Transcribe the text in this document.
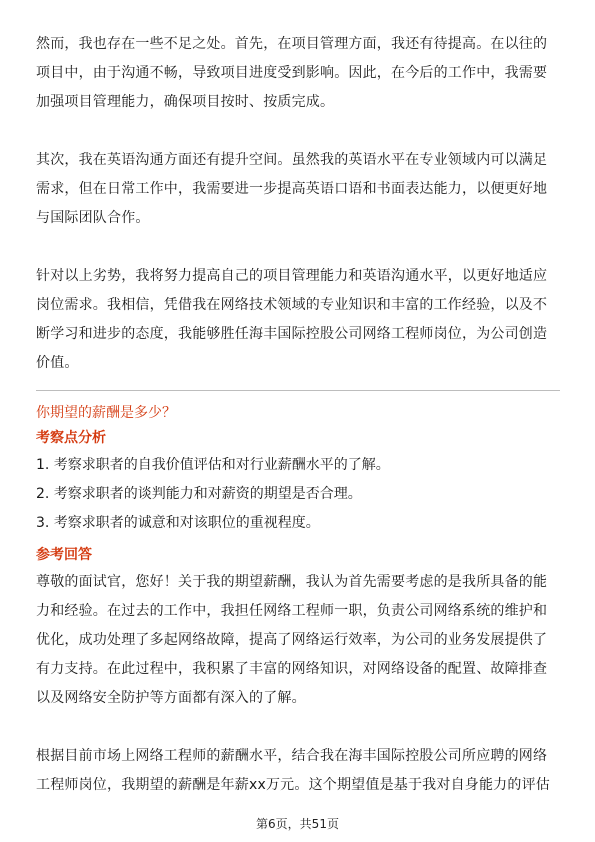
然而，我也存在一些不足之处。首先，在项目管理方面，我还有待提高。在以往的项目中，由于沟通不畅，导致项目进度受到影响。因此，在今后的工作中，我需要加强项目管理能力，确保项目按时、按质完成。

其次，我在英语沟通方面还有提升空间。虽然我的英语水平在专业领域内可以满足需求，但在日常工作中，我需要进一步提高英语口语和书面表达能力，以便更好地与国际团队合作。

针对以上劣势，我将努力提高自己的项目管理能力和英语沟通水平，以更好地适应岗位需求。我相信，凭借我在网络技术领域的专业知识和丰富的工作经验，以及不断学习和进步的态度，我能够胜任海丰国际控股公司网络工程师岗位，为公司创造价值。

你期望的薪酬是多少？

考察点分析

1. 考察求职者的自我价值评估和对行业薪酬水平的了解。

2. 考察求职者的谈判能力和对薪资的期望是否合理。

3. 考察求职者的诚意和对该职位的重视程度。

参考回答

尊敬的面试官，您好！关于我的期望薪酬，我认为首先需要考虑的是我所具备的能力和经验。在过去的工作中，我担任网络工程师一职，负责公司网络系统的维护和优化，成功处理了多起网络故障，提高了网络运行效率，为公司的业务发展提供了有力支持。在此过程中，我积累了丰富的网络知识，对网络设备的配置、故障排查以及网络安全防护等方面都有深入的了解。

根据目前市场上网络工程师的薪酬水平，结合我在海丰国际控股公司所应聘的网络工程师岗位，我期望的薪酬是年薪xx万元。这个期望值是基于我对自身能力的评估

第6页，共51页
